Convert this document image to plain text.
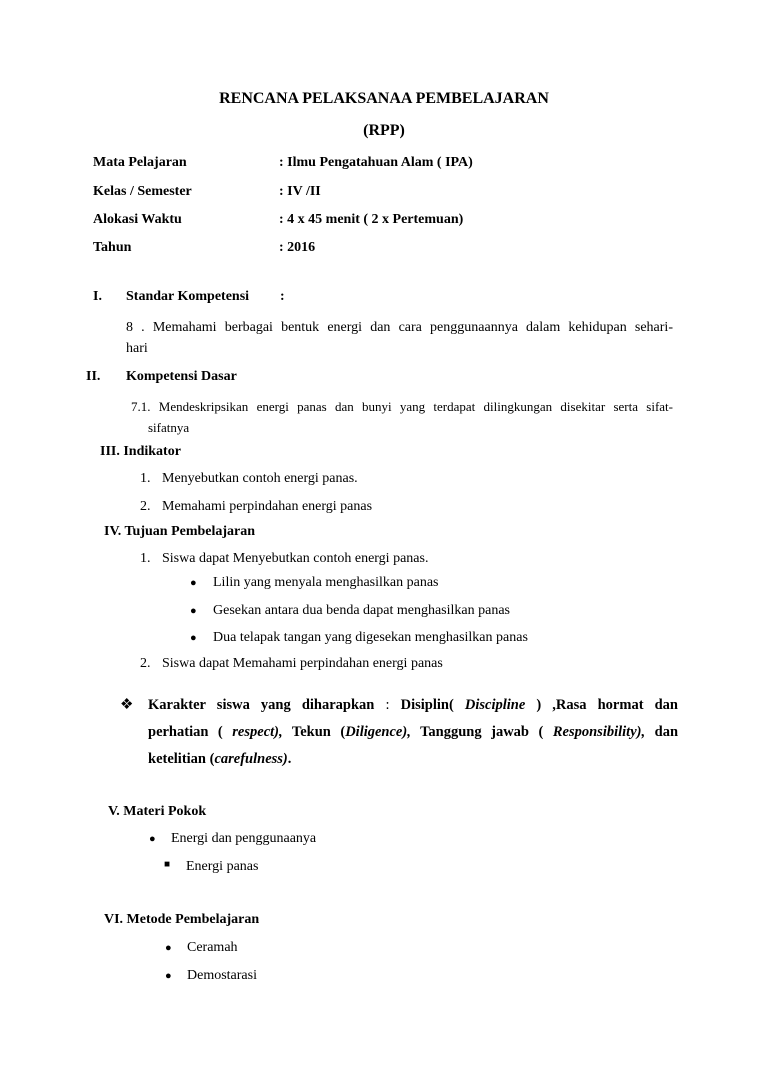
RENCANA PELAKSANAA PEMBELAJARAN
(RPP)
Mata Pelajaran	: Ilmu Pengatahuan Alam ( IPA)
Kelas / Semester	: IV /II
Alokasi Waktu	: 4 x 45 menit ( 2 x Pertemuan)
Tahun	: 2016
I. Standar Kompetensi :
8 . Memahami berbagai bentuk energi dan cara penggunaannya dalam kehidupan sehari-
hari
II. Kompetensi Dasar
7.1. Mendeskripsikan energi panas dan bunyi yang terdapat dilingkungan disekitar serta sifat-
sifatnya
III. Indikator
1. Menyebutkan contoh energi panas.
2. Memahami perpindahan energi panas
IV. Tujuan Pembelajaran
1. Siswa dapat Menyebutkan contoh energi panas.
● Lilin yang menyala menghasilkan panas
● Gesekan antara dua benda dapat menghasilkan panas
● Dua telapak tangan yang digesekan menghasilkan panas
2. Siswa dapat Memahami perpindahan energi panas
❖ Karakter siswa yang diharapkan : Disiplin( Discipline ) ,Rasa hormat dan
perhatian ( respect), Tekun (Diligence), Tanggung jawab ( Responsibility), dan
ketelitian (carefulness).
V. Materi Pokok
● Energi dan penggunaanya
■ Energi panas
VI. Metode Pembelajaran
● Ceramah
● Demostarasi
